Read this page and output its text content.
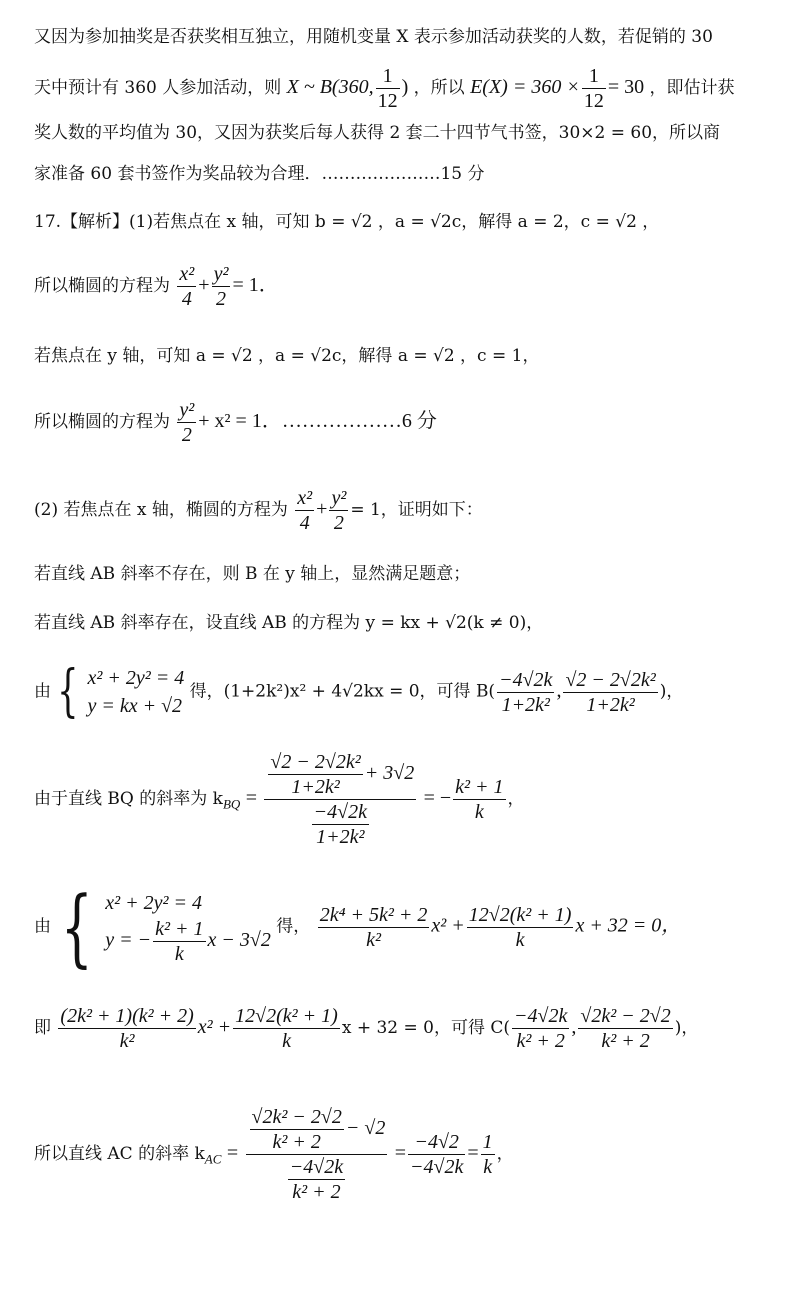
又因为参加抽奖是否获奖相互独立，用随机变量 X 表示参加活动获奖的人数，若促销的 30
天中预计有 360 人参加活动，则 X ~ B(360, $\frac{1}{12}$ ) ，所以 $E(X) = 360 \times \frac{1}{12} = 30$ ，即估计获
奖人数的平均值为 30，又因为获奖后每人获得 2 套二十四节气书签，30×2 = 60，所以商
家准备 60 套书签作为奖品较为合理．…………………15 分
17.【解析】(1)若焦点在 x 轴，可知 b = √2 ，a = √2c，解得 a = 2，c = √2 ，
所以椭圆的方程为 $\frac{\text{x²}}{4} + \frac{\text{y²}}{2} = 1$．
若焦点在 y 轴，可知 a = √2 ，a = √2c，解得 a = √2 ，c = 1，
所以椭圆的方程为 $\frac{\text{y²}}{2} + x^2 = 1$．………………6 分
(2) 若焦点在 x 轴，椭圆的方程为 $\frac{\text{x²}}{4} + \frac{\text{y²}}{2} = 1$，证明如下：
若直线 AB 斜率不存在，则 B 在 y 轴上，显然满足题意；
若直线 AB 斜率存在，设直线 AB 的方程为 y = kx + √2(k ≠ 0)，
由 { x² + 2y² = 4
y = kx + √2
得，(1+2k²)x² + 4√2kx = 0，可得 $B( \frac{-4√2k}{\text{1+2k²}}$ , $\frac{\text{√2 − 2√2k²}}{\text{1+2k²}}$ )，
由于直线 BQ 的斜率为 $k_{BQ} = \frac{\frac{\text{√2 − 2√2k²}}{\text{1+2k²}} + 3√2}{\frac{-4√2k}{\text{1+2k²}}}$ = − $\frac{\text{k² + 1}}{k}$ ，
由 { x² + 2y² = 4
y = − $\frac{\text{k² + 1}}{k}$ x − 3√2
得， $\frac{\text{2k⁴ + 5k² + 2}}{\text{k²}} x^2 + \frac{\text{12√2(k² + 1)}}{k}$ x + 32 = 0，
即 $\frac{\text{(2k² + 1)(k² + 2)}}{\text{k²}} x^2 + \frac{\text{12√2(k² + 1)}}{k}$ x + 32 = 0，可得 $C( \frac{-4√2k}{\text{k² + 2}}$ , $\frac{\text{√2k² − 2√2}}{\text{k² + 2}}$ )，
所以直线 AC 的斜率 $k_{AC} = \frac{\frac{\text{√2k² − 2√2}}{\text{k² + 2}} - √2}{\frac{-4√2k}{\text{k² + 2}}} = \frac{-4√2}{-4√2k} = \frac{1}{k}$ ，
